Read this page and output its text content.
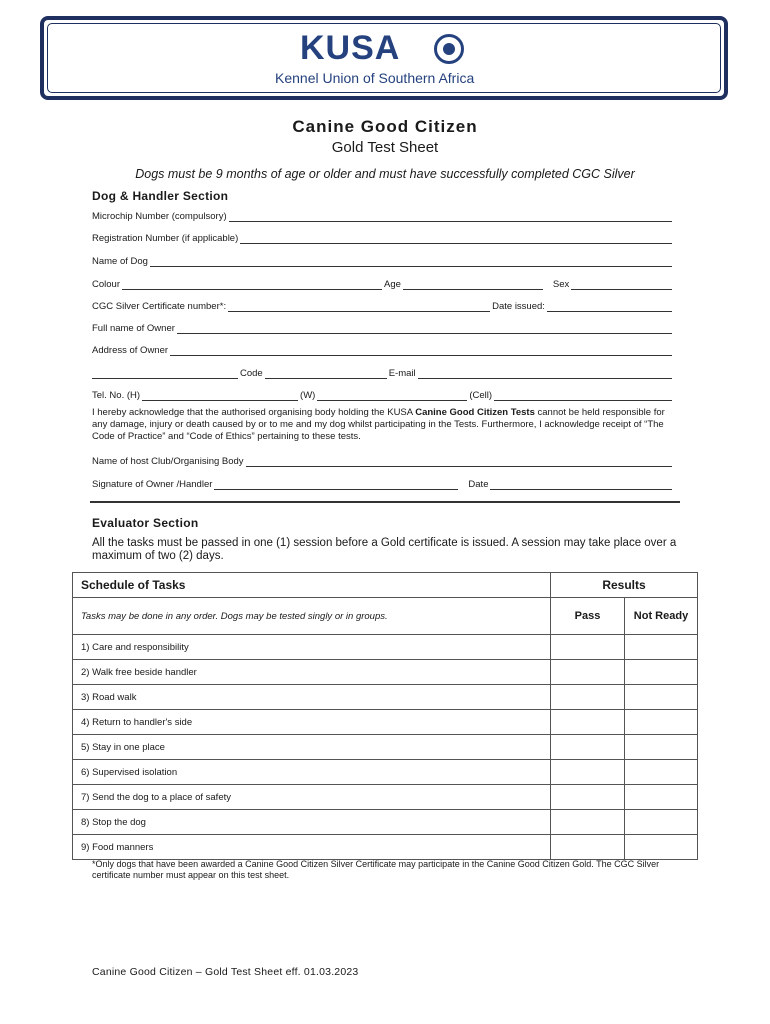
KUSA
Kennel Union of Southern Africa
Canine Good Citizen
Gold Test Sheet
Dogs must be 9 months of age or older and must have successfully completed CGC Silver
Dog & Handler Section
Microchip Number (compulsory)
Registration Number (if applicable)
Name of Dog
Colour	Age	Sex
CGC Silver Certificate number*:	Date issued:
Full name of Owner
Address of Owner
Code	E-mail
Tel. No. (H)	(W)	(Cell)
I hereby acknowledge that the authorised organising body holding the KUSA Canine Good Citizen Tests cannot be held responsible for any damage, injury or death caused by or to me and my dog whilst participating in the Tests. Furthermore, I acknowledge receipt of “The Code of Practice” and “Code of Ethics” pertaining to these tests.
Name of host Club/Organising Body
Signature of Owner /Handler	Date
Evaluator Section
All the tasks must be passed in one (1) session before a Gold certificate is issued. A session may take place over a maximum of two (2) days.
Schedule of Tasks	Results	
Tasks may be done in any order. Dogs may be tested singly or in groups.	Pass	Not Ready
1) Care and responsibility		
2) Walk free beside handler		
3) Road walk		
4) Return to handler's side		
5) Stay in one place		
6) Supervised isolation		
7) Send the dog to a place of safety		
8) Stop the dog		
9) Food manners		
*Only dogs that have been awarded a Canine Good Citizen Silver Certificate may participate in the Canine Good Citizen Gold. The CGC Silver certificate number must appear on this test sheet.
Canine Good Citizen – Gold Test Sheet eff. 01.03.2023
